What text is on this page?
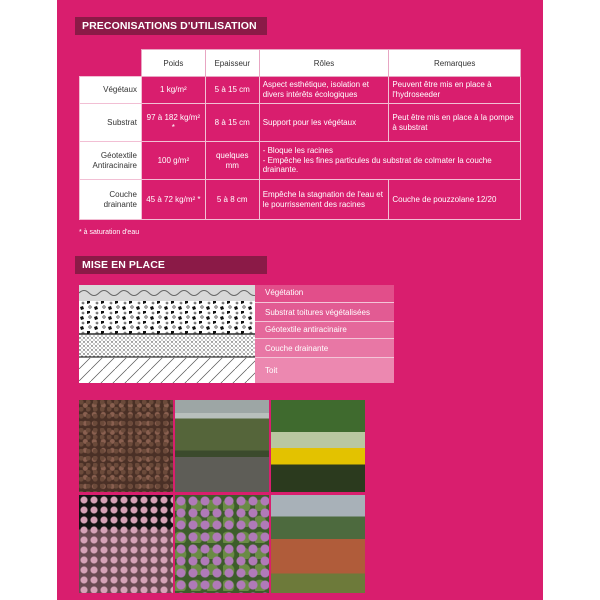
PRECONISATIONS D'UTILISATION
	Poids	Epaisseur	Rôles	Remarques
Végétaux	1 kg/m²	5 à 15 cm	Aspect esthétique, isolation et divers intérêts écologiques	Peuvent être mis en place à l'hydroseeder
Substrat	97 à 182 kg/m² *	8 à 15 cm	Support pour les végétaux	Peut être mis en place à la pompe à substrat
Géotextile Antiracinaire	100 g/m²	quelques mm	- Bloque les racines
- Empêche les fines particules du substrat de colmater la couche drainante.	
Couche drainante	45 à 72 kg/m² *	5 à 8 cm	Empêche la stagnation de l'eau et le pourrissement des racines	Couche de pouzzolane 12/20
* à saturation d'eau
MISE EN PLACE
Végétation
Substrat toitures végétalisées
Géotextile antiracinaire
Couche drainante
Toit
